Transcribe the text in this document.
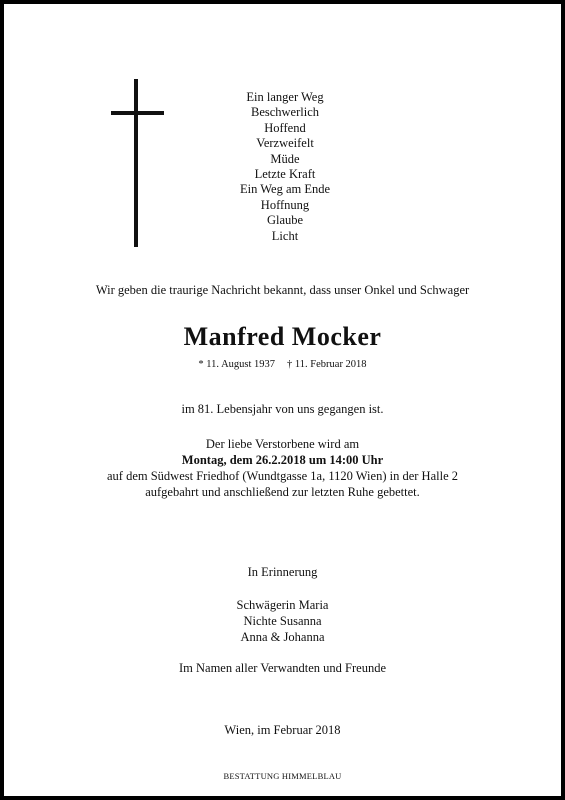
Ein langer Weg
Beschwerlich
Hoffend
Verzweifelt
Müde
Letzte Kraft
Ein Weg am Ende
Hoffnung
Glaube
Licht
Wir geben die traurige Nachricht bekannt, dass unser Onkel und Schwager
Manfred Mocker
* 11. August 1937 † 11. Februar 2018
im 81. Lebensjahr von uns gegangen ist.
Der liebe Verstorbene wird am
Montag, dem 26.2.2018 um 14:00 Uhr
auf dem Südwest Friedhof (Wundtgasse 1a, 1120 Wien) in der Halle 2
aufgebahrt und anschließend zur letzten Ruhe gebettet.
In Erinnerung
Schwägerin Maria
Nichte Susanna
Anna & Johanna
Im Namen aller Verwandten und Freunde
Wien, im Februar 2018
BESTATTUNG HIMMELBLAU
